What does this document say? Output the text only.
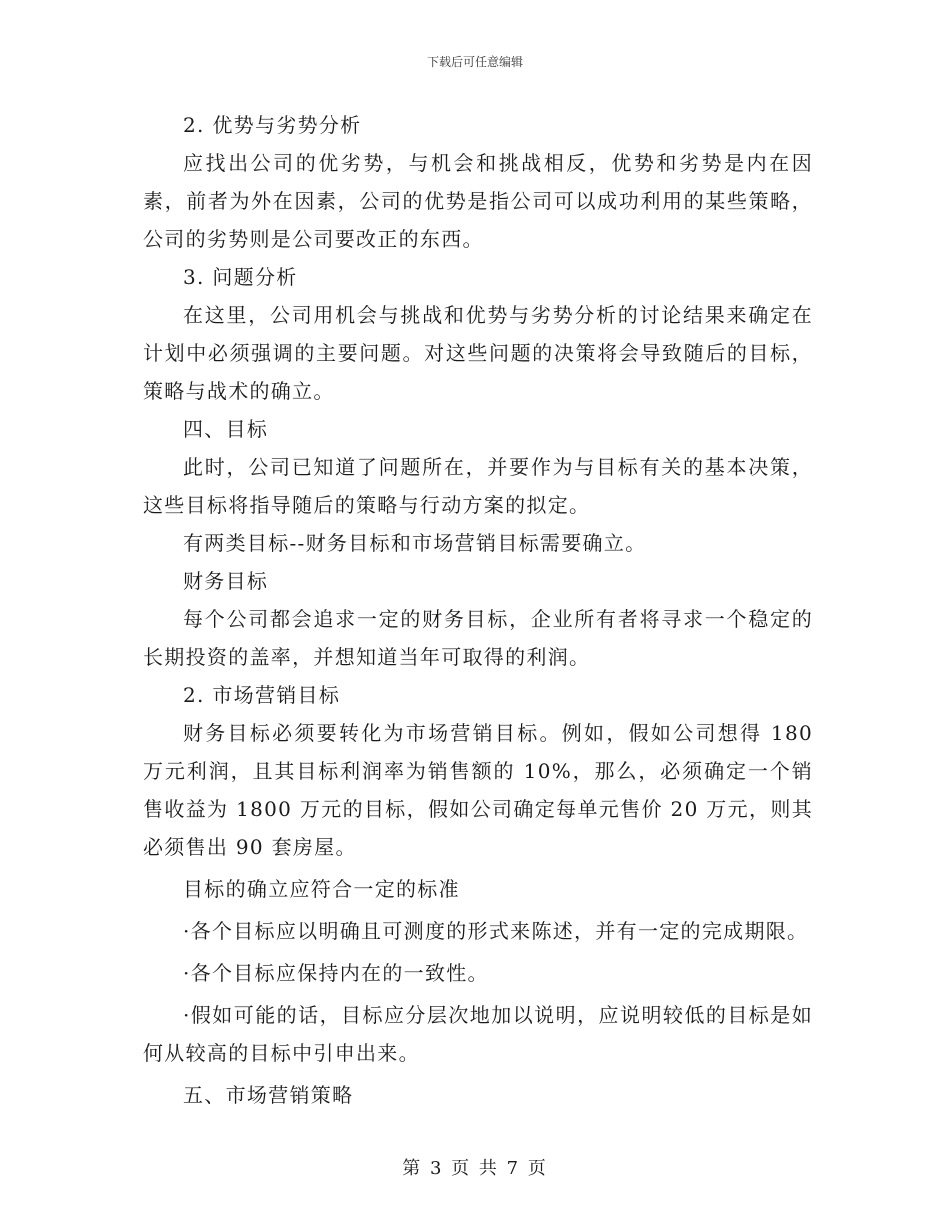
下载后可任意编辑

2. 优势与劣势分析

应找出公司的优劣势，与机会和挑战相反，优势和劣势是内在因素，前者为外在因素，公司的优势是指公司可以成功利用的某些策略，公司的劣势则是公司要改正的东西。

3. 问题分析

在这里，公司用机会与挑战和优势与劣势分析的讨论结果来确定在计划中必须强调的主要问题。对这些问题的决策将会导致随后的目标，策略与战术的确立。

四、目标

此时，公司已知道了问题所在，并要作为与目标有关的基本决策，这些目标将指导随后的策略与行动方案的拟定。

有两类目标--财务目标和市场营销目标需要确立。

财务目标

每个公司都会追求一定的财务目标，企业所有者将寻求一个稳定的长期投资的盖率，并想知道当年可取得的利润。

2. 市场营销目标

财务目标必须要转化为市场营销目标。例如，假如公司想得 180 万元利润，且其目标利润率为销售额的 10%，那么，必须确定一个销售收益为 1800 万元的目标，假如公司确定每单元售价 20 万元，则其必须售出 90 套房屋。

目标的确立应符合一定的标准

·各个目标应以明确且可测度的形式来陈述，并有一定的完成期限。

·各个目标应保持内在的一致性。

·假如可能的话，目标应分层次地加以说明，应说明较低的目标是如何从较高的目标中引申出来。

五、市场营销策略

第 3 页 共 7 页
